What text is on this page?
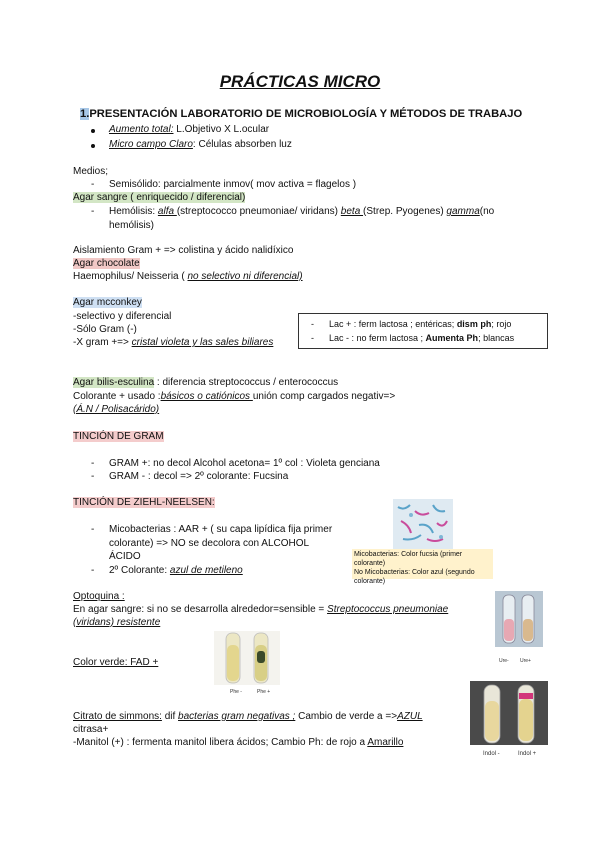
PRÁCTICAS MICRO
1.PRESENTACIÓN LABORATORIO DE MICROBIOLOGÍA Y MÉTODOS DE TRABAJO
Aumento total: L.Objetivo X L.ocular
Micro campo Claro: Células absorben luz
Medios;
- Semisólido: parcialmente inmov( mov activa = flagelos )
Agar sangre ( enriquecido / diferencial)
- Hemólisis: alfa (streptococco pneumoniae/ viridans) beta (Strep. Pyogenes) gamma(no
hemólisis)
Aislamiento Gram + => colistina y ácido nalidíxico
Agar chocolate
Haemophilus/ Neisseria ( no selectivo ni diferencial)
Agar mcconkey
-selectivo y diferencial
-Sólo Gram (-)
-X gram +=> cristal violeta y las sales biliares
- Lac + : ferm lactosa ; entéricas; dism ph; rojo
- Lac - : no ferm lactosa ; Aumenta Ph; blancas
Agar bilis-esculina : diferencia streptococcus / enterococcus
Colorante + usado :básicos o catiónicos unión comp cargados negativ=>
(Á.N / Polisacárido)
TINCIÓN DE GRAM
- GRAM +: no decol Alcohol acetona= 1º col : Violeta genciana
- GRAM - : decol => 2º colorante: Fucsina
TINCIÓN DE ZIEHL-NEELSEN:
- Micobacterias : AAR + ( su capa lipídica fija primer
colorante) => NO se decolora con ALCOHOL
ÁCIDO
- 2º Colorante: azul de metileno
Micobacterias: Color fucsia (primer colorante)
No Micobacterias: Color azul (segundo
colorante)
Ure- Ure+
Optoquina :
En agar sangre: si no se desarrolla alrededor=sensible = Streptococcus pneumoniae
(viridans) resistente
Color verde: FAD +
Phe -	Phe +
Indol -	Indol +
Citrato de simmons: dif bacterias gram negativas ; Cambio de verde a =>AZUL
citrasa+
-Manitol (+) : fermenta manitol libera ácidos; Cambio Ph: de rojo a Amarillo
